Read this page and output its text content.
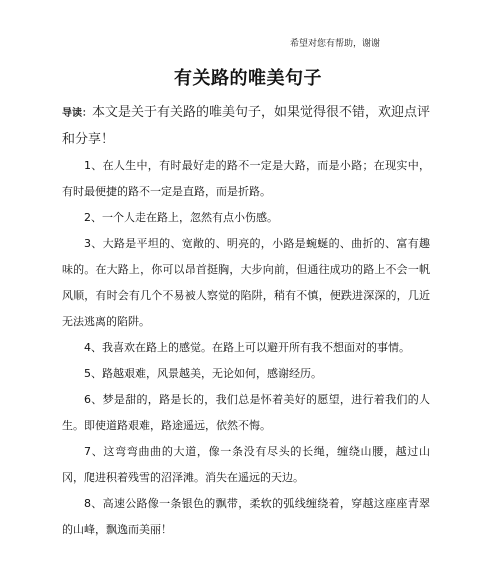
希望对您有帮助，谢谢
有关路的唯美句子
导读：本文是关于有关路的唯美句子，如果觉得很不错，欢迎点评和分享！

1、在人生中，有时最好走的路不一定是大路，而是小路；在现实中，有时最便捷的路不一定是直路，而是折路。

2、一个人走在路上，忽然有点小伤感。

3、大路是平坦的、宽敞的、明亮的，小路是蜿蜒的、曲折的、富有趣味的。在大路上，你可以昂首挺胸，大步向前，但通往成功的路上不会一帆风顺，有时会有几个不易被人察觉的陷阱，稍有不慎，便跌进深深的，几近无法逃离的陷阱。

4、我喜欢在路上的感觉。在路上可以避开所有我不想面对的事情。

5、路越艰难，风景越美，无论如何，感谢经历。

6、梦是甜的，路是长的，我们总是怀着美好的愿望，进行着我们的人生。即使道路艰难，路途遥远，依然不悔。

7、这弯弯曲曲的大道，像一条没有尽头的长绳，缠绕山腰，越过山冈，爬进积着残雪的沼泽滩。消失在遥远的天边。

8、高速公路像一条银色的飘带，柔软的弧线缠绕着，穿越这座座青翠的山峰，飘逸而美丽！
